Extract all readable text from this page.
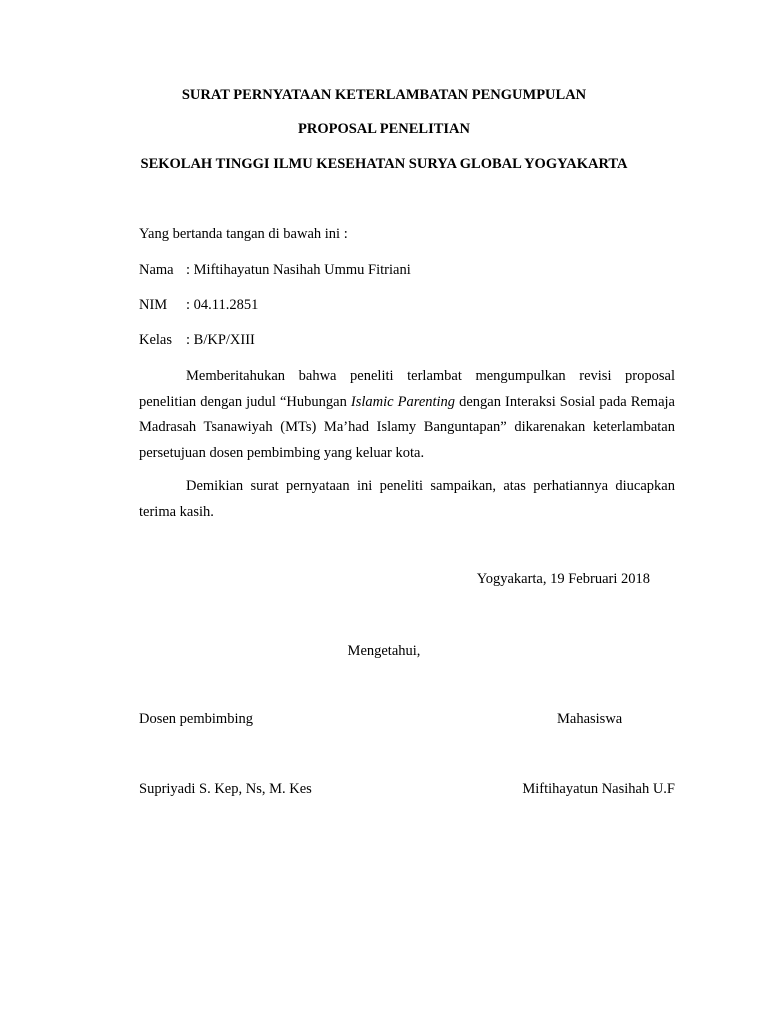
SURAT PERNYATAAN KETERLAMBATAN PENGUMPULAN
PROPOSAL PENELITIAN
SEKOLAH TINGGI ILMU KESEHATAN SURYA GLOBAL YOGYAKARTA
Yang bertanda tangan di bawah ini :
Nama : Miftihayatun Nasihah Ummu Fitriani
NIM : 04.11.2851
Kelas : B/KP/XIII
Memberitahukan bahwa peneliti terlambat mengumpulkan revisi proposal penelitian dengan judul “Hubungan Islamic Parenting dengan Interaksi Sosial pada Remaja Madrasah Tsanawiyah (MTs) Ma’had Islamy Banguntapan” dikarenakan keterlambatan persetujuan dosen pembimbing yang keluar kota.
Demikian surat pernyataan ini peneliti sampaikan, atas perhatiannya diucapkan terima kasih.
Yogyakarta, 19 Februari 2018
Mengetahui,
Dosen pembimbing	Mahasiswa
Supriyadi S. Kep, Ns, M. Kes	Miftihayatun Nasihah U.F
